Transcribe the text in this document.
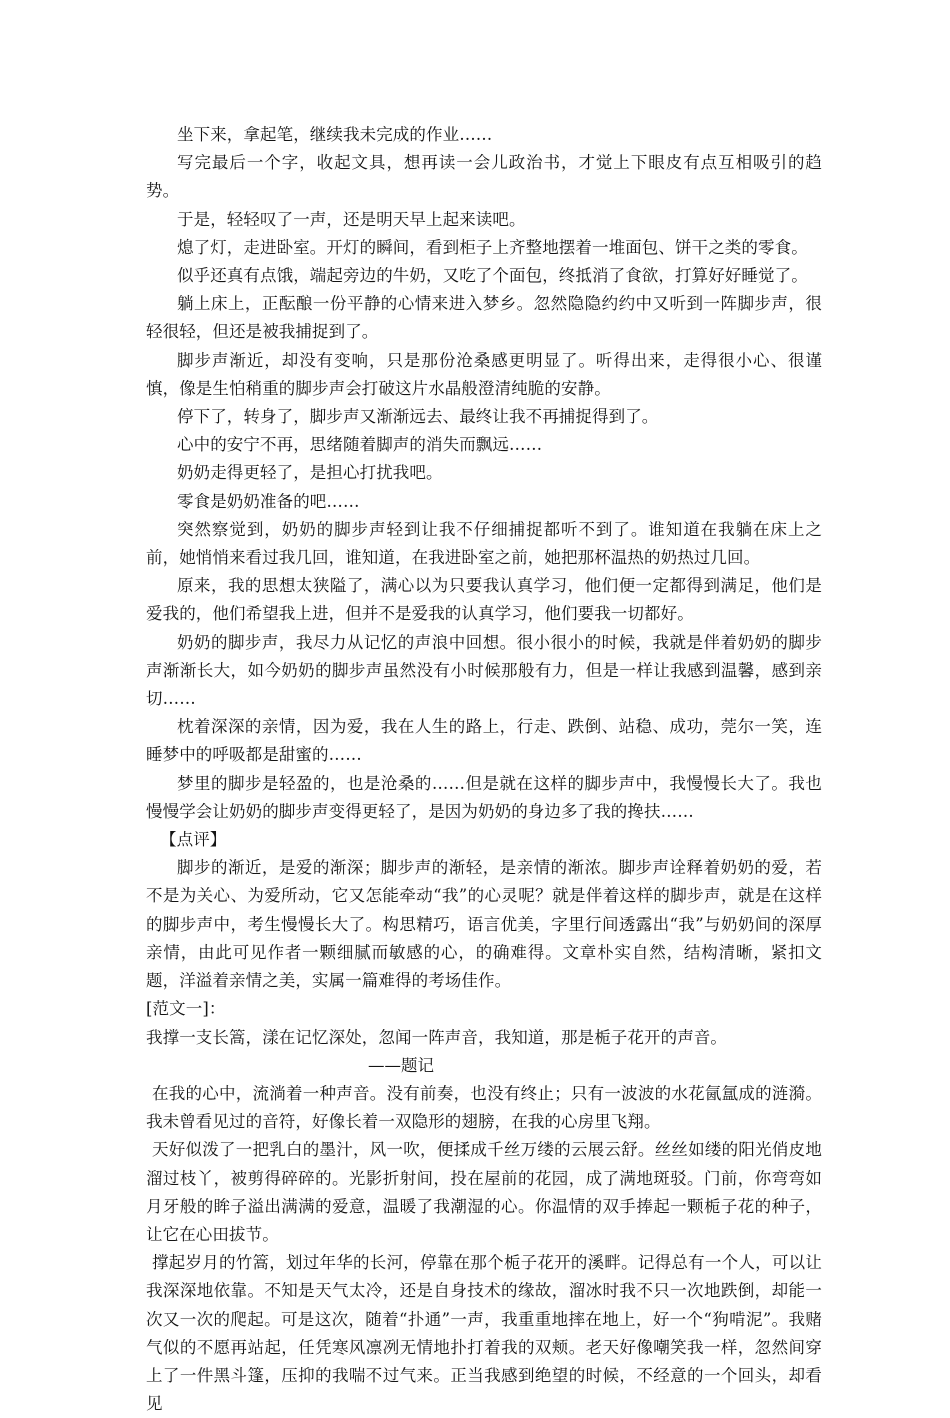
坐下来，拿起笔，继续我未完成的作业……

写完最后一个字，收起文具，想再读一会儿政治书，才觉上下眼皮有点互相吸引的趋势。

于是，轻轻叹了一声，还是明天早上起来读吧。

熄了灯，走进卧室。开灯的瞬间，看到柜子上齐整地摆着一堆面包、饼干之类的零食。

似乎还真有点饿，端起旁边的牛奶，又吃了个面包，终抵消了食欲，打算好好睡觉了。

躺上床上，正酝酿一份平静的心情来进入梦乡。忽然隐隐约约中又听到一阵脚步声，很轻很轻，但还是被我捕捉到了。

脚步声渐近，却没有变响，只是那份沧桑感更明显了。听得出来，走得很小心、很谨慎，像是生怕稍重的脚步声会打破这片水晶般澄清纯脆的安静。

停下了，转身了，脚步声又渐渐远去、最终让我不再捕捉得到了。

心中的安宁不再，思绪随着脚声的消失而飘远……

奶奶走得更轻了，是担心打扰我吧。

零食是奶奶准备的吧……

突然察觉到，奶奶的脚步声轻到让我不仔细捕捉都听不到了。谁知道在我躺在床上之前，她悄悄来看过我几回，谁知道，在我进卧室之前，她把那杯温热的奶热过几回。

原来，我的思想太狭隘了，满心以为只要我认真学习，他们便一定都得到满足，他们是爱我的，他们希望我上进，但并不是爱我的认真学习，他们要我一切都好。

奶奶的脚步声，我尽力从记忆的声浪中回想。很小很小的时候，我就是伴着奶奶的脚步声渐渐长大，如今奶奶的脚步声虽然没有小时候那般有力，但是一样让我感到温馨，感到亲切……

枕着深深的亲情，因为爱，我在人生的路上，行走、跌倒、站稳、成功，莞尔一笑，连睡梦中的呼吸都是甜蜜的……

梦里的脚步是轻盈的，也是沧桑的……但是就在这样的脚步声中，我慢慢长大了。我也慢慢学会让奶奶的脚步声变得更轻了，是因为奶奶的身边多了我的搀扶……

【点评】

脚步的渐近，是爱的渐深；脚步声的渐轻，是亲情的渐浓。脚步声诠释着奶奶的爱，若不是为关心、为爱所动，它又怎能牵动“我”的心灵呢？就是伴着这样的脚步声，就是在这样的脚步声中，考生慢慢长大了。构思精巧，语言优美，字里行间透露出“我”与奶奶间的深厚亲情，由此可见作者一颗细腻而敏感的心，的确难得。文章朴实自然，结构清晰，紧扣文题，洋溢着亲情之美，实属一篇难得的考场佳作。

[范文一]：

我撑一支长篙，漾在记忆深处，忽闻一阵声音，我知道，那是栀子花开的声音。

——题记

在我的心中，流淌着一种声音。没有前奏，也没有终止；只有一波波的水花氤氲成的涟漪。我未曾看见过的音符，好像长着一双隐形的翅膀，在我的心房里飞翔。

天好似泼了一把乳白的墨汁，风一吹，便揉成千丝万缕的云展云舒。丝丝如缕的阳光俏皮地溜过枝丫，被剪得碎碎的。光影折射间，投在屋前的花园，成了满地斑驳。门前，你弯弯如月牙般的眸子溢出满满的爱意，温暖了我潮湿的心。你温情的双手捧起一颗栀子花的种子，让它在心田拔节。

撑起岁月的竹篙，划过年华的长河，停靠在那个栀子花开的溪畔。记得总有一个人，可以让我深深地依靠。不知是天气太冷，还是自身技术的缘故，溜冰时我不只一次地跌倒，却能一次又一次的爬起。可是这次，随着“扑通”一声，我重重地摔在地上，好一个“狗啃泥”。我赌气似的不愿再站起，任凭寒风凛冽无情地扑打着我的双颊。老天好像嘲笑我一样，忽然间穿上了一件黑斗篷，压抑的我喘不过气来。正当我感到绝望的时候，不经意的一个回头，却看见
